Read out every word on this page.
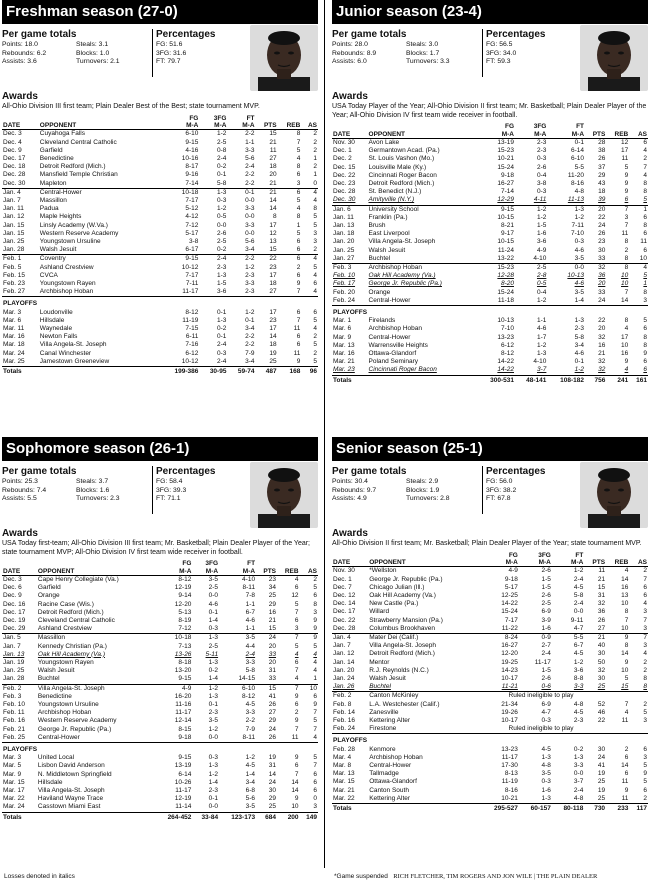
Freshman season (27-0)
Per game totals
Points: 18.0	Steals: 3.1
Rebounds: 6.2	Blocks: 1.0
Assists: 3.6	Turnovers: 2.1
Percentages
FG: 51.6
3FG: 31.6
FT: 79.7
Awards
All-Ohio Division III first team; Plain Dealer Best of the Best; state tournament MVP.
		FG	3FG	FT			
DATE	OPPONENT	M-A	M-A	M-A	PTS	REB	AS
Dec. 3	Cuyahoga Falls	6-10	1-2	2-2	15	8	2
Dec. 4	Cleveland Central Catholic	9-15	2-5	1-1	21	7	2
Dec. 9	Garfield	4-16	0-8	3-3	11	5	2
Dec. 17	Benedictine	10-16	2-4	5-6	27	4	1
Dec. 18	Detroit Redford (Mich.)	8-17	0-2	2-4	18	8	2
Dec. 28	Mansfield Temple Christian	9-16	0-1	2-2	20	6	1
Dec. 30	Mapleton	7-14	5-8	2-2	21	3	0
Jan. 4	Central-Hower	10-18	1-3	0-1	21	6	4
Jan. 7	Massillon	7-17	0-3	0-0	14	5	4
Jan. 11	Padua	5-12	1-2	3-3	14	4	8
Jan. 12	Maple Heights	4-12	0-5	0-0	8	8	5
Jan. 15	Linsly Academy (W.Va.)	7-12	0-0	3-3	17	1	5
Jan. 15	Western Reserve Academy	5-17	2-6	0-0	12	5	3
Jan. 25	Youngstown Ursuline	3-8	2-5	5-6	13	6	3
Jan. 28	Walsh Jesuit	6-17	0-2	3-4	15	6	2
Feb. 1	Coventry	9-15	2-4	2-2	22	6	4
Feb. 5	Ashland Crestview	10-12	2-3	1-2	23	2	5
Feb. 15	CVCA	7-17	1-3	2-3	17	6	4
Feb. 23	Youngstown Rayen	7-11	1-5	3-3	18	9	6
Feb. 27	Archbishop Hoban	11-17	3-6	2-3	27	7	4
PLAYOFFS							
Mar. 3	Loudonville	8-12	0-1	1-2	17	6	6
Mar. 6	Hillsdale	11-19	1-3	0-1	23	7	5
Mar. 11	Waynedale	7-15	0-2	3-4	17	11	4
Mar. 16	Newton Falls	6-11	0-1	2-2	14	6	2
Mar. 18	Villa Angela-St. Joseph	7-16	2-4	2-2	18	6	5
Mar. 24	Canal Winchester	6-12	0-3	7-9	19	11	2
Mar. 25	Jamestown Greeneview	10-12	2-4	3-4	25	9	5
Totals		199-386	30-95	59-74	487	168	96
Junior season (23-4)
Per game totals
Points: 28.0	Steals: 3.0
Rebounds: 8.9	Blocks: 1.7
Assists: 6.0	Turnovers: 3.3
Percentages
FG: 56.5
3FG: 34.0
FT: 59.3
Awards
USA Today Player of the Year; All-Ohio Division II first team; Mr. Basketball; Plain Dealer Player of the Year; All-Ohio Division IV first team wide receiver in football.
		FG	3FG	FT			
DATE	OPPONENT	M-A	M-A	M-A	PTS	REB	AS
Nov. 30	Avon Lake	13-19	2-3	0-1	28	12	6
Dec. 1	Germantown Acad. (Pa.)	15-23	2-3	6-14	38	17	4
Dec. 2	St. Louis Vashon (Mo.)	10-21	0-3	6-10	26	11	2
Dec. 15	Louisville Male (Ky.)	15-24	2-6	5-5	37	5	7
Dec. 22	Cincinnati Roger Bacon	9-18	0-4	11-20	29	9	4
Dec. 23	Detroit Redford (Mich.)	16-27	3-8	8-16	43	9	8
Dec. 28	St. Benedict (N.J.)	7-14	0-3	4-8	18	9	8
Dec. 30	Amityville (N.Y.)	12-29	4-11	11-13	39	6	5
Jan. 6	University School	9-15	1-2	1-3	20	7	1
Jan. 11	Franklin (Pa.)	10-15	1-2	1-2	22	3	6
Jan. 13	Brush	8-21	1-5	7-11	24	7	8
Jan. 18	East Liverpool	9-17	1-6	7-10	26	11	6
Jan. 20	Villa Angela-St. Joseph	10-15	3-6	0-3	23	8	11
Jan. 25	Walsh Jesuit	11-24	4-9	4-6	30	2	6
Jan. 27	Buchtel	13-22	4-10	3-5	33	8	10
Feb. 3	Archbishop Hoban	15-23	2-5	0-0	32	8	4
Feb. 10	Oak Hill Academy (Va.)	12-28	2-8	10-13	36	10	5
Feb. 17	George Jr. Republic (Pa.)	8-20	0-5	4-6	20	10	1
Feb. 20	Orange	15-24	0-4	3-5	33	7	8
Feb. 24	Central-Hower	11-18	1-2	1-4	24	14	3
PLAYOFFS							
Mar. 1	Firelands	10-13	1-1	1-3	22	8	5
Mar. 6	Archbishop Hoban	7-10	4-6	2-3	20	4	6
Mar. 9	Central-Hower	13-23	1-7	5-8	32	17	8
Mar. 13	Warrensville Heights	6-12	1-2	3-4	16	10	8
Mar. 16	Ottawa-Glandorf	8-12	1-3	4-6	21	16	9
Mar. 21	Poland Seminary	14-22	4-10	0-1	32	9	6
Mar. 23	Cincinnati Roger Bacon	14-22	3-7	1-2	32	4	6
Totals		300-531	48-141	108-182	756	241	161
Sophomore season (26-1)
Per game totals
Points: 25.3	Steals: 3.7
Rebounds: 7.4	Blocks: 1.6
Assists: 5.5	Turnovers: 2.3
Percentages
FG: 58.4
3FG: 39.3
FT: 71.1
Awards
USA Today first-team; All-Ohio Division III first team; Mr. Basketball; Plain Dealer Player of the Year; state tournament MVP; All-Ohio Division IV first team wide receiver in football.
		FG	3FG	FT			
DATE	OPPONENT	M-A	M-A	M-A	PTS	REB	AS
Dec. 3	Cape Henry Collegiate (Va.)	8-12	3-5	4-10	23	4	2
Dec. 6	Garfield	12-19	2-5	8-11	34	6	5
Dec. 9	Orange	9-14	0-0	7-8	25	12	6
Dec. 16	Racine Case (Wis.)	12-20	4-6	1-1	29	5	8
Dec. 17	Detroit Redford (Mich.)	5-13	0-1	6-7	16	7	3
Dec. 19	Cleveland Central Catholic	8-19	1-4	4-6	21	6	9
Dec. 29	Ashland Crestview	7-12	0-3	1-1	15	3	9
Jan. 5	Massillon	10-18	1-3	3-5	24	7	9
Jan. 7	Kennedy Christian (Pa.)	7-13	2-5	4-4	20	5	5
Jan. 13	Oak Hill Academy (Va.)	13-26	5-11	2-4	33	4	4
Jan. 19	Youngstown Rayen	8-18	1-3	3-3	20	6	4
Jan. 25	Walsh Jesuit	13-20	0-2	5-8	31	7	4
Jan. 28	Buchtel	9-15	1-4	14-15	33	4	1
Feb. 2	Villa Angela-St. Joseph	4-9	1-2	6-10	15	7	10
Feb. 3	Benedictine	16-20	1-3	8-12	41	9	6
Feb. 10	Youngstown Ursuline	11-16	0-1	4-5	26	6	9
Feb. 11	Archbishop Hoban	11-17	2-3	3-3	27	2	7
Feb. 16	Western Reserve Academy	12-14	3-5	2-2	29	9	5
Feb. 21	George Jr. Republic (Pa.)	8-15	1-2	7-9	24	7	7
Feb. 25	Central-Hower	9-18	0-0	8-11	26	11	4
PLAYOFFS							
Mar. 3	United Local	9-15	0-3	1-2	19	9	5
Mar. 5	Lisbon David Anderson	13-19	1-3	4-5	31	6	7
Mar. 9	N. Middletown Springfield	6-14	1-2	1-4	14	7	6
Mar. 15	Hillsdale	10-26	1-4	3-4	24	14	6
Mar. 17	Villa Angela-St. Joseph	11-17	2-3	6-8	30	14	6
Mar. 22	Haviland Wayne Trace	12-19	0-1	5-6	29	9	0
Mar. 24	Casstown Miami East	11-14	0-0	3-5	25	10	3
Totals		264-452	33-84	123-173	684	200	149
Senior season (25-1)
Per game totals
Points: 30.4	Steals: 2.9
Rebounds: 9.7	Blocks: 1.9
Assists: 4.9	Turnovers: 2.8
Percentages
FG: 56.0
3FG: 38.2
FT: 67.8
Awards
All-Ohio Division II first team; Mr. Basketball; Plain Dealer Player of the Year; state tournament MVP.
		FG	3FG	FT			
DATE	OPPONENT	M-A	M-A	M-A	PTS	REB	AS
Nov. 30	*Wellston	4-9	2-6	1-2	11	4	2
Dec. 1	George Jr. Republic (Pa.)	9-18	1-5	2-4	21	14	7
Dec. 7	Chicago Julian (Ill.)	5-17	1-5	4-5	15	16	6
Dec. 12	Oak Hill Academy (Va.)	12-25	2-6	5-8	31	13	6
Dec. 14	New Castle (Pa.)	14-22	2-5	2-4	32	10	4
Dec. 17	Willard	15-24	6-9	0-0	36	8	3
Dec. 22	Strawberry Mansion (Pa.)	7-17	3-9	9-11	26	7	7
Dec. 28	Columbus Brookhaven	11-22	1-6	4-7	27	10	3
Jan. 4	Mater Dei (Calif.)	8-24	0-9	5-5	21	9	7
Jan. 7	Villa Angela-St. Joseph	16-27	2-7	6-7	40	8	3
Jan. 12	Detroit Redford (Mich.)	12-20	2-4	4-5	30	14	4
Jan. 14	Mentor	19-25	11-17	1-2	50	9	2
Jan. 20	R.J. Reynolds (N.C.)	14-23	1-5	3-6	32	10	2
Jan. 24	Walsh Jesuit	10-17	2-6	8-8	30	5	8
Jan. 26	Buchtel	11-21	0-6	3-3	25	15	8
Feb. 2	Canton McKinley	Ruled ineligible to play					
Feb. 8	L.A. Westchester (Calif.)	21-34	6-9	4-8	52	7	2
Feb. 14	Zanesville	19-26	4-7	4-5	46	4	5
Feb. 16	Kettering Alter	10-17	0-3	2-3	22	11	3
Feb. 24	Firestone	Ruled ineligible to play					
PLAYOFFS							
Feb. 28	Kenmore	13-23	4-5	0-2	30	2	6
Mar. 4	Archbishop Hoban	11-17	1-3	1-3	24	6	3
Mar. 8	Central-Hower	17-30	4-8	3-3	41	14	5
Mar. 13	Tallmadge	8-13	3-5	0-0	19	6	9
Mar. 15	Ottawa-Glandorf	11-19	0-3	3-7	25	11	5
Mar. 21	Canton South	8-16	1-6	2-4	19	9	6
Mar. 22	Kettering Alter	10-21	1-3	4-8	25	11	2
Totals		295-527	60-157	80-118	730	233	117
Losses denoted in italics	*Game suspended RICH FLETCHER, TIM ROGERS AND JON WILE | THE PLAIN DEALER
